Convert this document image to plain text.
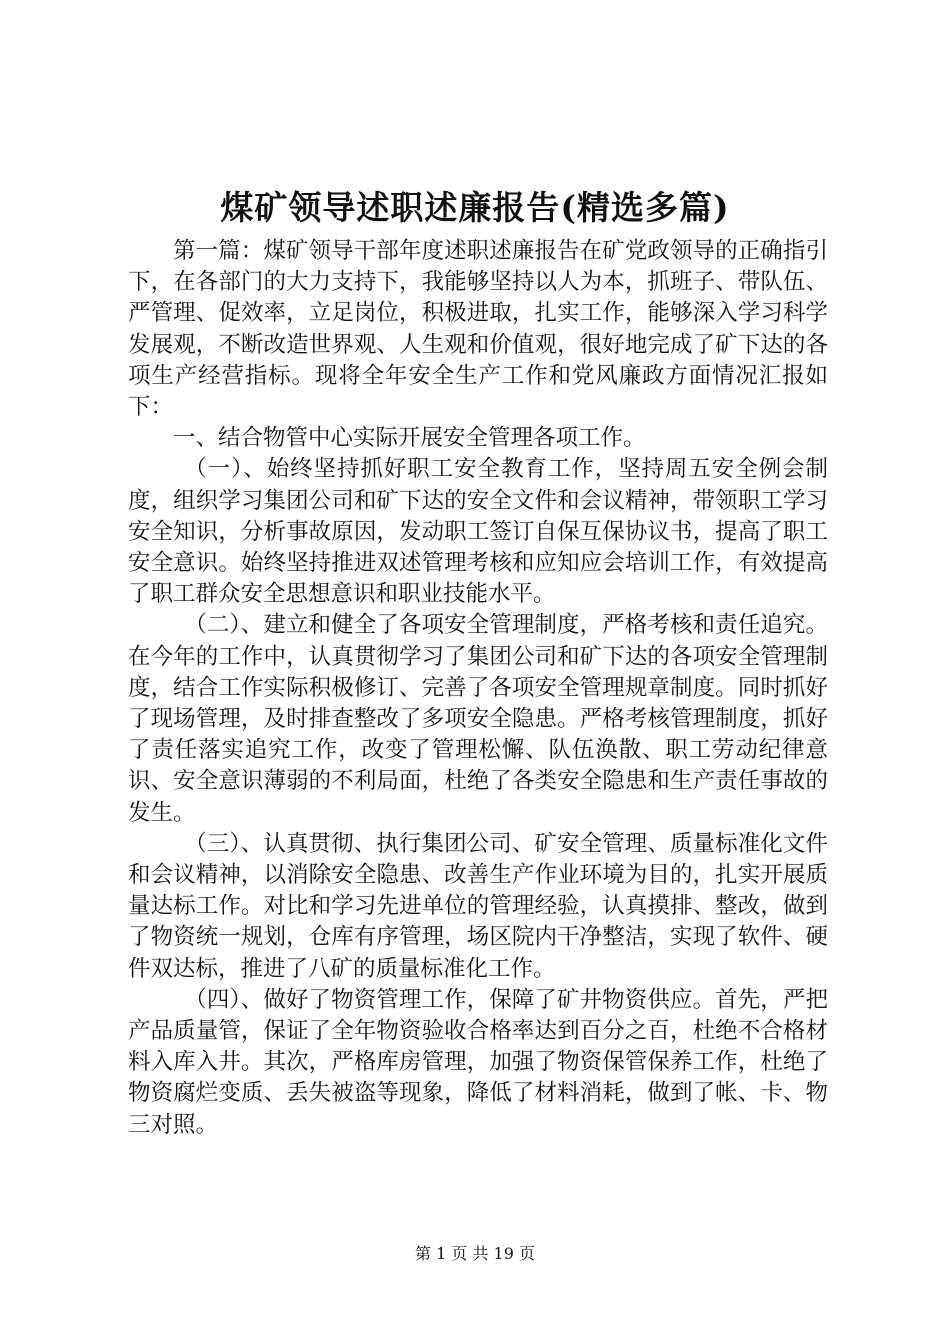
煤矿领导述职述廉报告(精选多篇)

第一篇：煤矿领导干部年度述职述廉报告在矿党政领导的正确指引下，在各部门的大力支持下，我能够坚持以人为本，抓班子、带队伍、严管理、促效率，立足岗位，积极进取，扎实工作，能够深入学习科学发展观，不断改造世界观、人生观和价值观，很好地完成了矿下达的各项生产经营指标。现将全年安全生产工作和党风廉政方面情况汇报如下：

一、结合物管中心实际开展安全管理各项工作。

（一）、始终坚持抓好职工安全教育工作，坚持周五安全例会制度，组织学习集团公司和矿下达的安全文件和会议精神，带领职工学习安全知识，分析事故原因，发动职工签订自保互保协议书，提高了职工安全意识。始终坚持推进双述管理考核和应知应会培训工作，有效提高了职工群众安全思想意识和职业技能水平。

（二）、建立和健全了各项安全管理制度，严格考核和责任追究。在今年的工作中，认真贯彻学习了集团公司和矿下达的各项安全管理制度，结合工作实际积极修订、完善了各项安全管理规章制度。同时抓好了现场管理，及时排查整改了多项安全隐患。严格考核管理制度，抓好了责任落实追究工作，改变了管理松懈、队伍涣散、职工劳动纪律意识、安全意识薄弱的不利局面，杜绝了各类安全隐患和生产责任事故的发生。

（三）、认真贯彻、执行集团公司、矿安全管理、质量标准化文件和会议精神，以消除安全隐患、改善生产作业环境为目的，扎实开展质量达标工作。对比和学习先进单位的管理经验，认真摸排、整改，做到了物资统一规划，仓库有序管理，场区院内干净整洁，实现了软件、硬件双达标，推进了八矿的质量标准化工作。

（四）、做好了物资管理工作，保障了矿井物资供应。首先，严把产品质量管，保证了全年物资验收合格率达到百分之百，杜绝不合格材料入库入井。其次，严格库房管理，加强了物资保管保养工作，杜绝了物资腐烂变质、丢失被盗等现象，降低了材料消耗，做到了帐、卡、物三对照。

第 1 页 共 19 页
